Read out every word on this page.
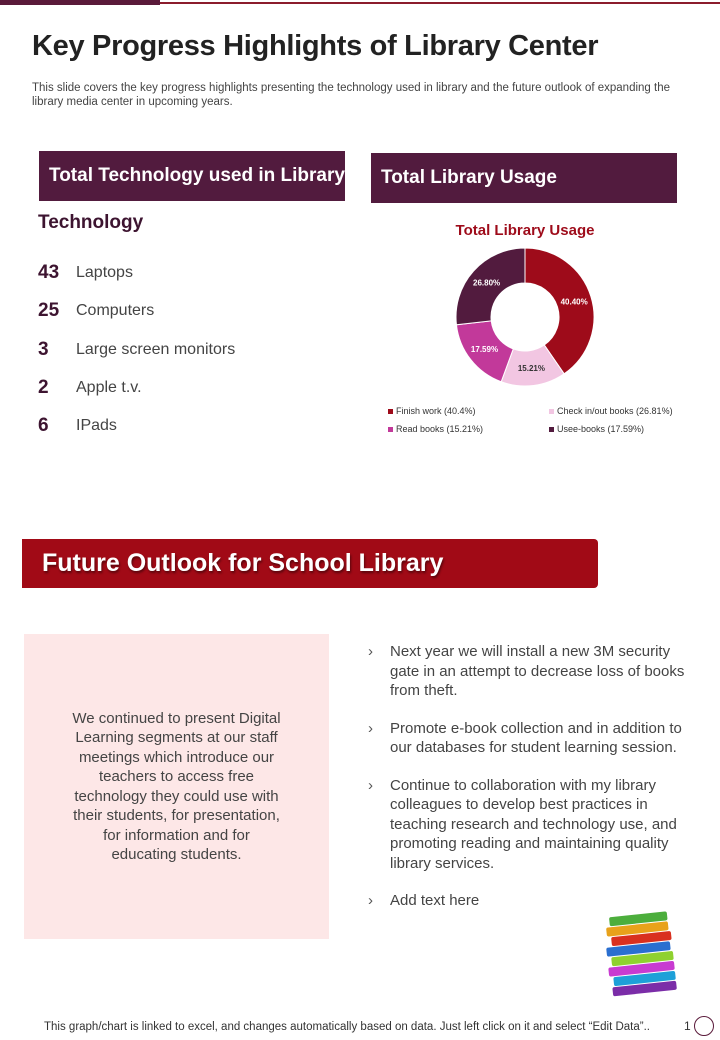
Key Progress Highlights of Library Center

This slide covers the key progress highlights presenting the technology used in library and the future outlook of expanding the library media center in upcoming years.

Total Technology used in Library	Total Library Usage
Technology
43	Laptops
25	Computers
3	Large screen monitors
2	Apple t.v.
6	IPads

Total Library Usage

40.40%
15.21%
17.59%
26.80%
Finish work (40.4%)	Check in/out books (26.81%)
Read books (15.21%)	Usee-books (17.59%)
Future Outlook for School Library

We continued to present Digital Learning segments at our staff meetings which introduce our teachers to access free technology they could use with their students, for presentation, for information and for educating students.

›	Next year we will install a new 3M security gate in an attempt to decrease loss of books from theft.
›	Promote e-book collection and in addition to our databases for student learning session.
›	Continue to collaboration with my library colleagues to develop best practices in teaching research and technology use, and promoting reading and maintaining quality library services.
›	Add text here

This graph/chart is linked to excel, and changes automatically based on data. Just left click on it and select “Edit Data”..	1
